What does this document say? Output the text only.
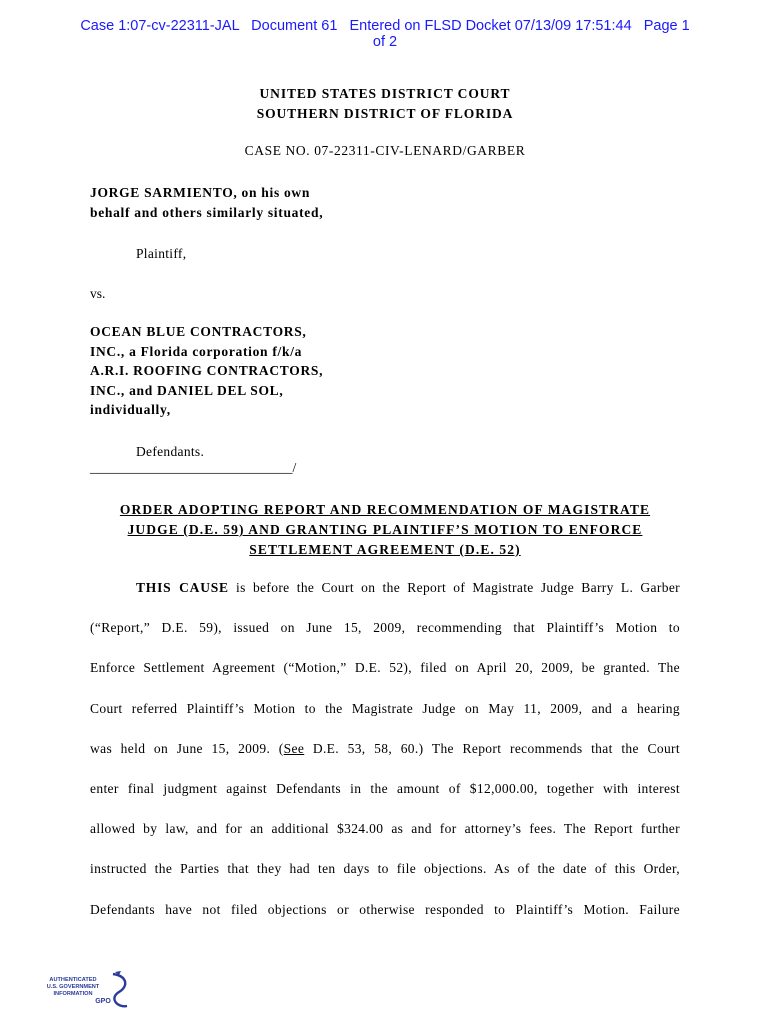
Case 1:07-cv-22311-JAL   Document 61   Entered on FLSD Docket 07/13/09 17:51:44   Page 1
of 2
UNITED STATES DISTRICT COURT
SOUTHERN DISTRICT OF FLORIDA
CASE NO. 07-22311-CIV-LENARD/GARBER
JORGE SARMIENTO, on his own
behalf and others similarly situated,
Plaintiff,
vs.
OCEAN BLUE CONTRACTORS,
INC., a Florida corporation f/k/a
A.R.I. ROOFING CONTRACTORS,
INC., and DANIEL DEL SOL,
individually,
Defendants.
______________________________/
ORDER ADOPTING REPORT AND RECOMMENDATION OF MAGISTRATE
JUDGE (D.E. 59) AND GRANTING PLAINTIFF’S MOTION TO ENFORCE
SETTLEMENT AGREEMENT (D.E. 52)
THIS CAUSE is before the Court on the Report of Magistrate Judge Barry L. Garber
(“Report,” D.E. 59), issued on June 15, 2009, recommending that Plaintiff’s Motion to
Enforce Settlement Agreement (“Motion,” D.E. 52), filed on April 20, 2009, be granted. The
Court referred Plaintiff’s Motion to the Magistrate Judge on May 11, 2009, and a hearing
was held on June 15, 2009. (See D.E. 53, 58, 60.) The Report recommends that the Court
enter final judgment against Defendants in the amount of $12,000.00, together with interest
allowed by law, and for an additional $324.00 as and for attorney’s fees. The Report further
instructed the Parties that they had ten days to file objections. As of the date of this Order,
Defendants have not filed objections or otherwise responded to Plaintiff’s Motion. Failure
AUTHENTICATED
U.S. GOVERNMENT
INFORMATION
GPO
